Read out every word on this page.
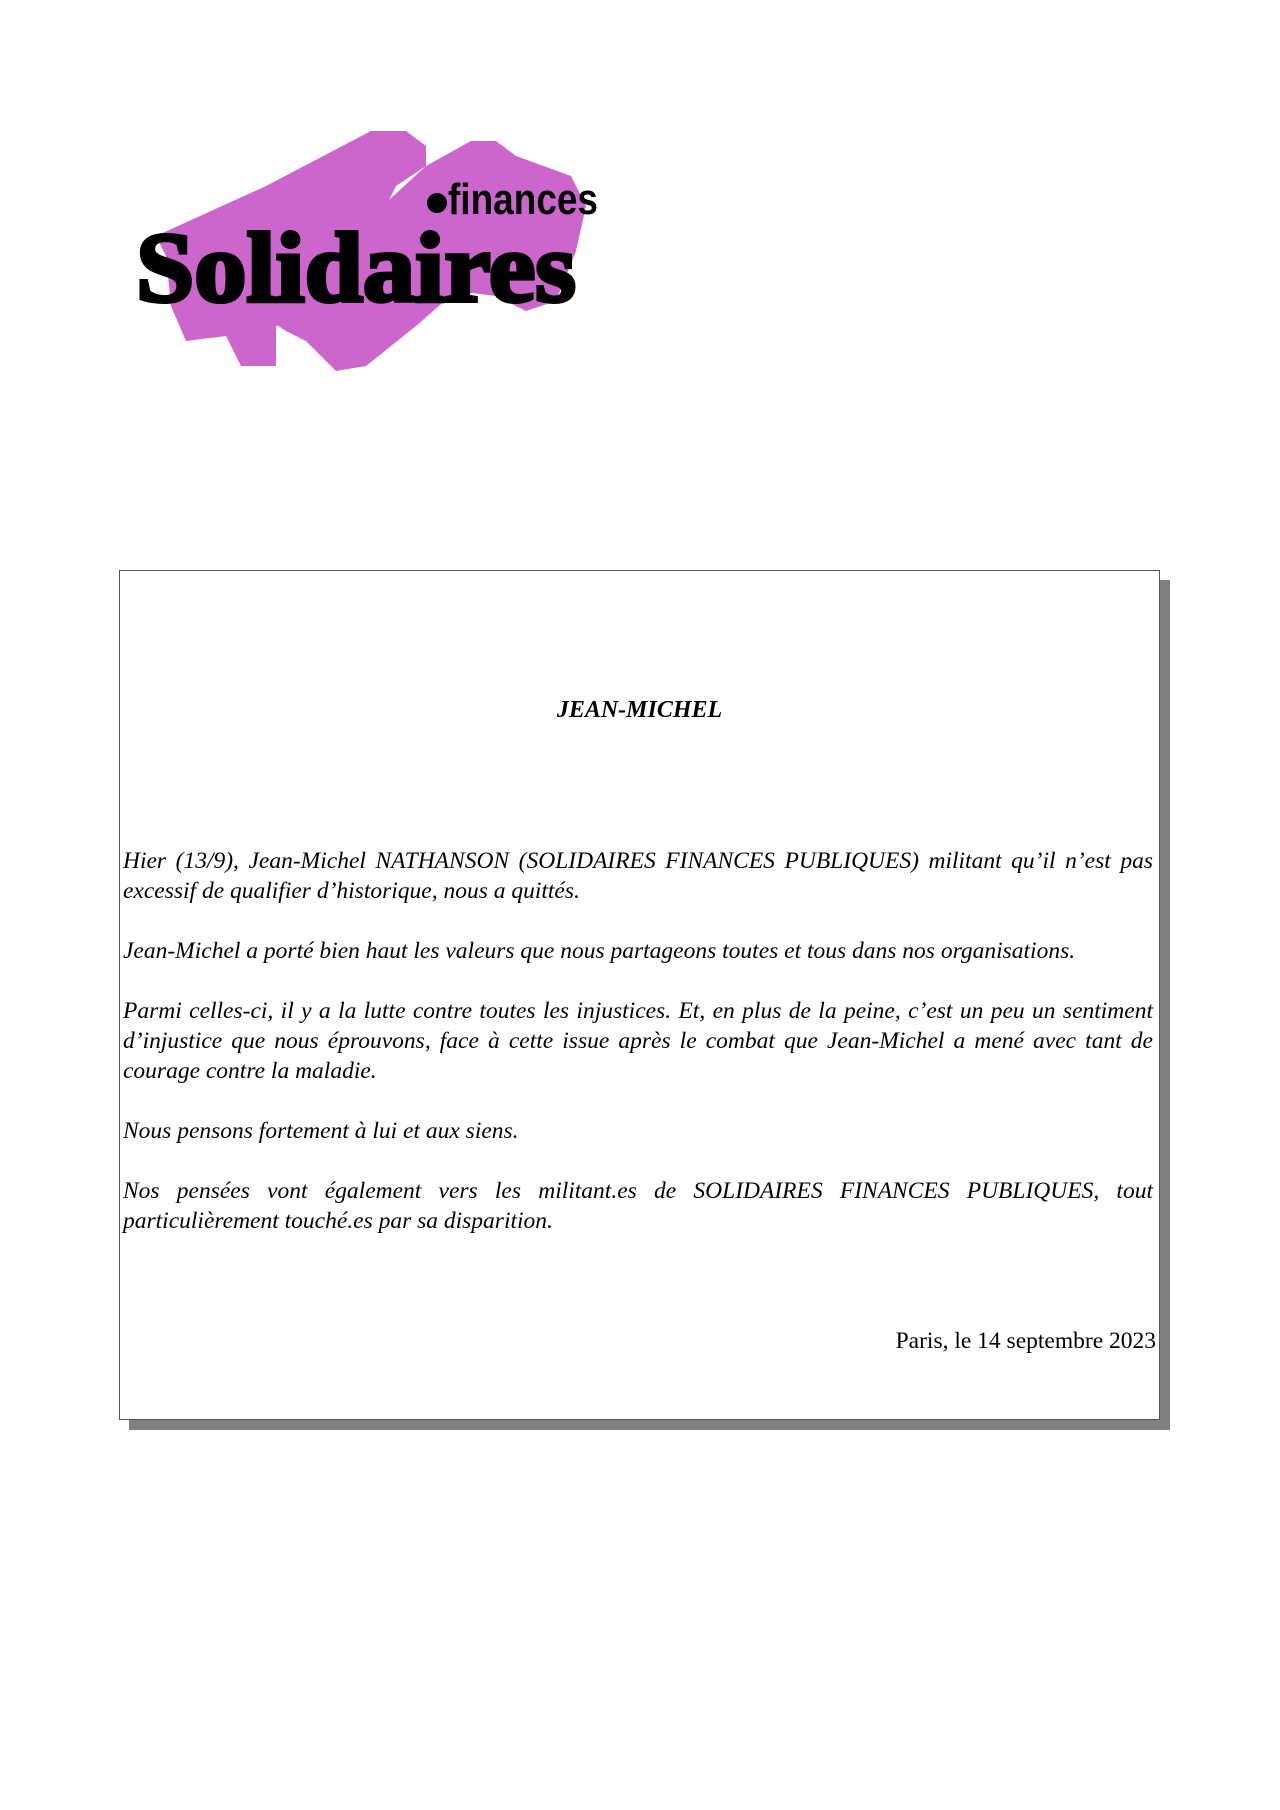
finances
Solidaires
JEAN-MICHEL

Hier (13/9), Jean-Michel NATHANSON (SOLIDAIRES FINANCES PUBLIQUES) militant qu’il n’est pas excessif de qualifier d’historique, nous a quittés.

Jean-Michel a porté bien haut les valeurs que nous partageons toutes et tous dans nos organisations.

Parmi celles-ci, il y a la lutte contre toutes les injustices. Et, en plus de la peine, c’est un peu un sentiment d’injustice que nous éprouvons, face à cette issue après le combat que Jean-Michel a mené avec tant de courage contre la maladie.

Nous pensons fortement à lui et aux siens.

Nos pensées vont également vers les militant.es de SOLIDAIRES FINANCES PUBLIQUES, tout particulièrement touché.es par sa disparition.

Paris, le 14 septembre 2023
